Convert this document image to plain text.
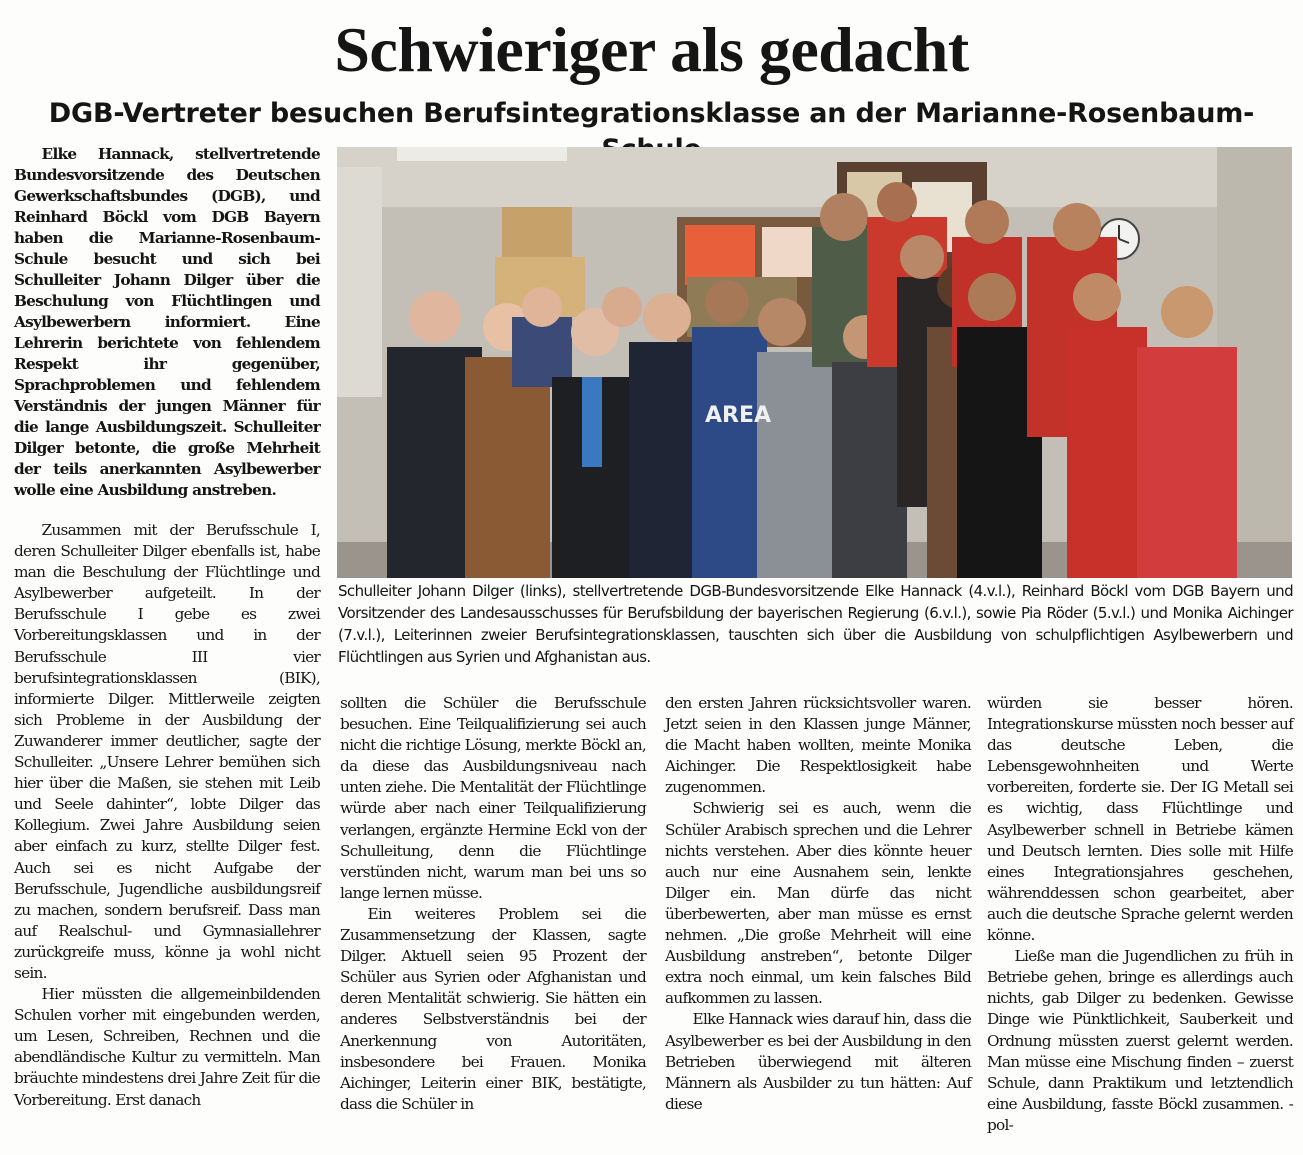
Schwieriger als gedacht
DGB-Vertreter besuchen Berufsintegrationsklasse an der Marianne-Rosenbaum-

Elke Hannack, stellvertretende Bundesvorsitzende des Deutschen Gewerkschaftsbundes (DGB), und Reinhard Böckl vom DGB Bayern haben die Marianne-Rosenbaum-Schule besucht und sich bei Schulleiter Johann Dilger über die Beschulung von Flüchtlingen und Asylbewerbern informiert. Eine Lehrerin berichtete von fehlendem Respekt ihr gegenüber, Sprachproblemen und fehlendem Verständnis der jungen Männer für die lange Ausbildungszeit. Schulleiter Dilger betonte, die große Mehrheit der teils anerkannten Asylbewerber wolle eine Ausbildung anstreben.

AREA

Schulleiter Johann Dilger (links), stellvertretende DGB-Bundesvorsitzende Elke Hannack (4.v.l.), Reinhard Böckl vom DGB Bayern und Vorsitzender des Landesausschusses für Berufsbildung der bayerischen Regierung (6.v.l.), sowie Pia Röder (5.v.l.) und Monika Aichinger (7.v.l.), Leiterinnen zweier Berufsintegrationsklassen, tauschten sich über die Ausbildung von schulpflichtigen Asylbewerbern und Flüchtlingen aus Syrien und Afghanistan aus.

Zusammen mit der Berufsschule I, deren Schulleiter Dilger ebenfalls ist, habe man die Beschulung der Flüchtlinge und Asylbewerber aufgeteilt. In der Berufsschule I gebe es zwei Vorbereitungsklassen und in der Berufsschule III vier berufsintegrationsklassen (BIK), informierte Dilger. Mittlerweile zeigten sich Probleme in der Ausbildung der Zuwanderer immer deutlicher, sagte der Schulleiter. „Unsere Lehrer bemühen sich hier über die Maßen, sie stehen mit Leib und Seele dahinter“, lobte Dilger das Kollegium. Zwei Jahre Ausbildung seien aber einfach zu kurz, stellte Dilger fest. Auch sei es nicht Aufgabe der Berufsschule, Jugendliche ausbildungsreif zu machen, sondern berufsreif. Dass man auf Realschul- und Gymnasiallehrer zurückgreife muss, könne ja wohl nicht sein.

Hier müssten die allgemeinbildenden Schulen vorher mit eingebunden werden, um Lesen, Schreiben, Rechnen und die abendländische Kultur zu vermitteln. Man bräuchte mindestens drei Jahre Zeit für die Vorbereitung. Erst danach

sollten die Schüler die Berufsschule besuchen. Eine Teilqualifizierung sei auch nicht die richtige Lösung, merkte Böckl an, da diese das Ausbildungsniveau nach unten ziehe. Die Mentalität der Flüchtlinge würde aber nach einer Teilqualifizierung verlangen, ergänzte Hermine Eckl von der Schulleitung, denn die Flüchtlinge verstünden nicht, warum man bei uns so lange lernen müsse.

Ein weiteres Problem sei die Zusammensetzung der Klassen, sagte Dilger. Aktuell seien 95 Prozent der Schüler aus Syrien oder Afghanistan und deren Mentalität schwierig. Sie hätten ein anderes Selbstverständnis bei der Anerkennung von Autoritäten, insbesondere bei Frauen. Monika Aichinger, Leiterin einer BIK, bestätigte, dass die Schüler in

den ersten Jahren rücksichtsvoller waren. Jetzt seien in den Klassen junge Männer, die Macht haben wollten, meinte Monika Aichinger. Die Respektlosigkeit habe zugenommen.

Schwierig sei es auch, wenn die Schüler Arabisch sprechen und die Lehrer nichts verstehen. Aber dies könnte heuer auch nur eine Ausnahem sein, lenkte Dilger ein. Man dürfe das nicht überbewerten, aber man müsse es ernst nehmen. „Die große Mehrheit will eine Ausbildung anstreben“, betonte Dilger extra noch einmal, um kein falsches Bild aufkommen zu lassen.

Elke Hannack wies darauf hin, dass die Asylbewerber es bei der Ausbildung in den Betrieben überwiegend mit älteren Männern als Ausbilder zu tun hätten: Auf diese

würden sie besser hören. Integrationskurse müssten noch besser auf das deutsche Leben, die Lebensgewohnheiten und Werte vorbereiten, forderte sie. Der IG Metall sei es wichtig, dass Flüchtlinge und Asylbewerber schnell in Betriebe kämen und Deutsch lernten. Dies solle mit Hilfe eines Integrationsjahres geschehen, währenddessen schon gearbeitet, aber auch die deutsche Sprache gelernt werden könne.

Ließe man die Jugendlichen zu früh in Betriebe gehen, bringe es allerdings auch nichts, gab Dilger zu bedenken. Gewisse Dinge wie Pünktlichkeit, Sauberkeit und Ordnung müssten zuerst gelernt werden. Man müsse eine Mischung finden – zuerst Schule, dann Praktikum und letztendlich eine Ausbildung, fasste Böckl zusammen. -pol-
